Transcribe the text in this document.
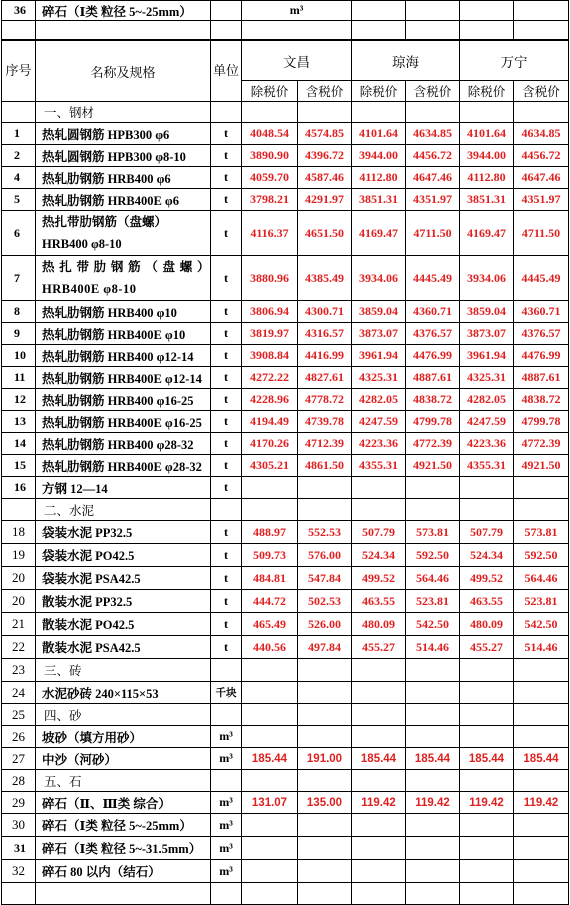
36	碎石（Ⅰ类 粒径 5~-25mm）		m³				

序号	名称及规格	单位	文昌		琼海		万宁	
			除税价	含税价	除税价	含税价	除税价	含税价
	一、钢材							
1	热轧圆钢筋 HPB300 φ6	t	4048.54	4574.85	4101.64	4634.85	4101.64	4634.85
2	热轧圆钢筋 HPB300 φ8-10	t	3890.90	4396.72	3944.00	4456.72	3944.00	4456.72
4	热轧肋钢筋 HRB400 φ6	t	4059.70	4587.46	4112.80	4647.46	4112.80	4647.46
5	热轧肋钢筋 HRB400E φ6	t	3798.21	4291.97	3851.31	4351.97	3851.31	4351.97
6	热扎带肋钢筋（盘螺）HRB400 φ8-10	t	4116.37	4651.50	4169.47	4711.50	4169.47	4711.50
7	热扎带肋钢筋（盘螺）HRB400E φ8-10	t	3880.96	4385.49	3934.06	4445.49	3934.06	4445.49
8	热轧肋钢筋 HRB400 φ10	t	3806.94	4300.71	3859.04	4360.71	3859.04	4360.71
9	热轧肋钢筋 HRB400E φ10	t	3819.97	4316.57	3873.07	4376.57	3873.07	4376.57
10	热轧肋钢筋 HRB400 φ12-14	t	3908.84	4416.99	3961.94	4476.99	3961.94	4476.99
11	热轧肋钢筋 HRB400E φ12-14	t	4272.22	4827.61	4325.31	4887.61	4325.31	4887.61
12	热轧肋钢筋 HRB400 φ16-25	t	4228.96	4778.72	4282.05	4838.72	4282.05	4838.72
13	热轧肋钢筋 HRB400E φ16-25	t	4194.49	4739.78	4247.59	4799.78	4247.59	4799.78
14	热轧肋钢筋 HRB400 φ28-32	t	4170.26	4712.39	4223.36	4772.39	4223.36	4772.39
15	热轧肋钢筋 HRB400E φ28-32	t	4305.21	4861.50	4355.31	4921.50	4355.31	4921.50
16	方钢 12—14	t						
	二、水泥							
18	袋装水泥 PP32.5	t	488.97	552.53	507.79	573.81	507.79	573.81
19	袋装水泥 PO42.5	t	509.73	576.00	524.34	592.50	524.34	592.50
20	袋装水泥 PSA42.5	t	484.81	547.84	499.52	564.46	499.52	564.46
20	散装水泥 PP32.5	t	444.72	502.53	463.55	523.81	463.55	523.81
21	散装水泥 PO42.5	t	465.49	526.00	480.09	542.50	480.09	542.50
22	散装水泥 PSA42.5	t	440.56	497.84	455.27	514.46	455.27	514.46
23	三、砖							
24	水泥砂砖 240×115×53	千块						
25	四、砂							
26	坡砂（填方用砂）	m³						
27	中沙（河砂）	m³	185.44	191.00	185.44	185.44	185.44	185.44
28	五、石							
29	碎石（Ⅱ、Ⅲ类 综合）	m³	131.07	135.00	119.42	119.42	119.42	119.42
30	碎石（Ⅰ类 粒径 5~-25mm）	m³						
31	碎石（Ⅰ类 粒径 5~-31.5mm）	m³						
32	碎石 80 以内（结石）	m³						
